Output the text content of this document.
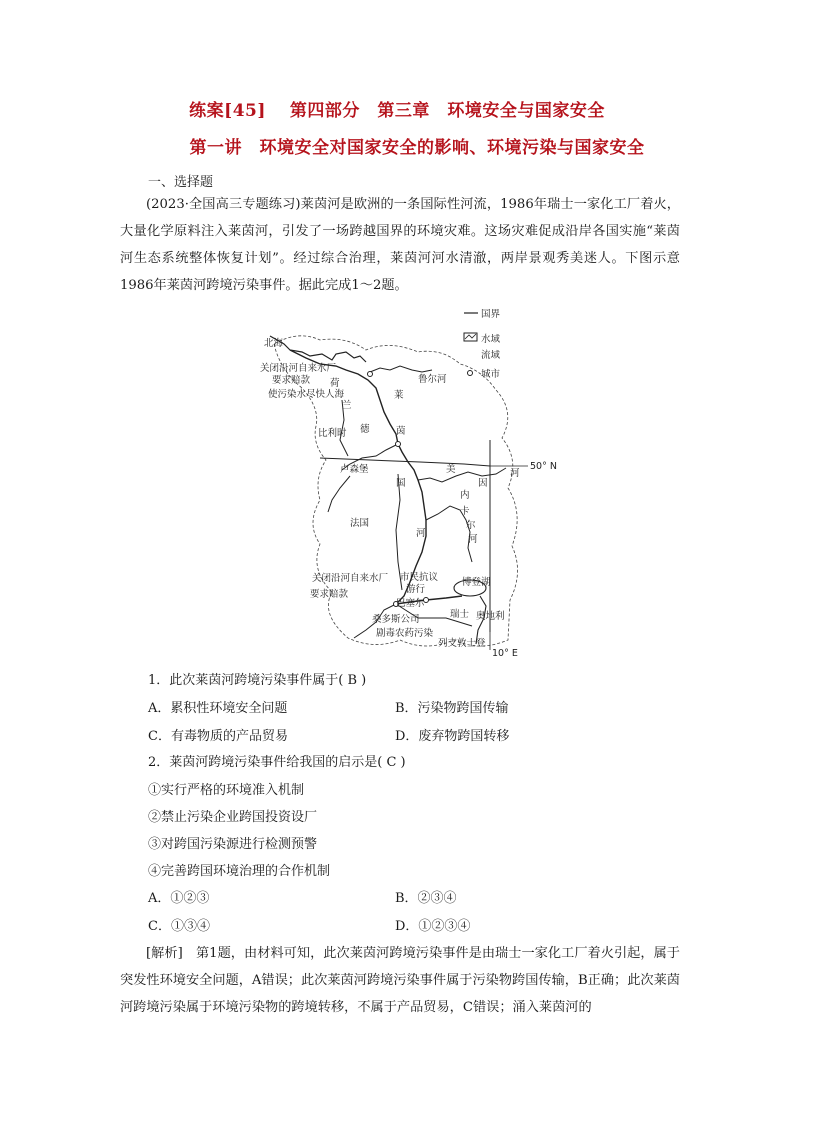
练案[45]　 第四部分　第三章　环境安全与国家安全
第一讲　环境安全对国家安全的影响、环境污染与国家安全
一、选择题
(2023·全国高三专题练习)莱茵河是欧洲的一条国际性河流，1986年瑞士一家化工厂着火，大量化学原料注入莱茵河，引发了一场跨越国界的环境灾难。这场灾难促成沿岸各国实施“莱茵河生态系统整体恢复计划”。经过综合治理，莱茵河河水清澈，两岸景观秀美迷人。下图示意1986年莱茵河跨境污染事件。据此完成1～2题。
国界
水域
流域
城市
北海
关闭沿河自来水厂
要求赔款
使污染水尽快人海
荷
兰
鲁尔河
比利时 德
国
莱
茵
河
卢森堡	50° N
法国
美
因
河
内
卡
尔
河
关闭沿河自来水厂
要求赔款
市民抗议
游行
巴塞尔
桑多斯公司
剧毒农药污染
博登湖
瑞士 奥地利
列支敦士登
10° E
1．此次莱茵河跨境污染事件属于( B )
A．累积性环境安全问题	B．污染物跨国传输
C．有毒物质的产品贸易	D．废弃物跨国转移
2．莱茵河跨境污染事件给我国的启示是( C )
①实行严格的环境准入机制
②禁止污染企业跨国投资设厂
③对跨国污染源进行检测预警
④完善跨国环境治理的合作机制
A．①②③	B．②③④
C．①③④	D．①②③④
[解析]　第1题，由材料可知，此次莱茵河跨境污染事件是由瑞士一家化工厂着火引起，属于突发性环境安全问题，A错误；此次莱茵河跨境污染事件属于污染物跨国传输，B正确；此次莱茵河跨境污染属于环境污染物的跨境转移，不属于产品贸易，C错误；涌入莱茵河的
